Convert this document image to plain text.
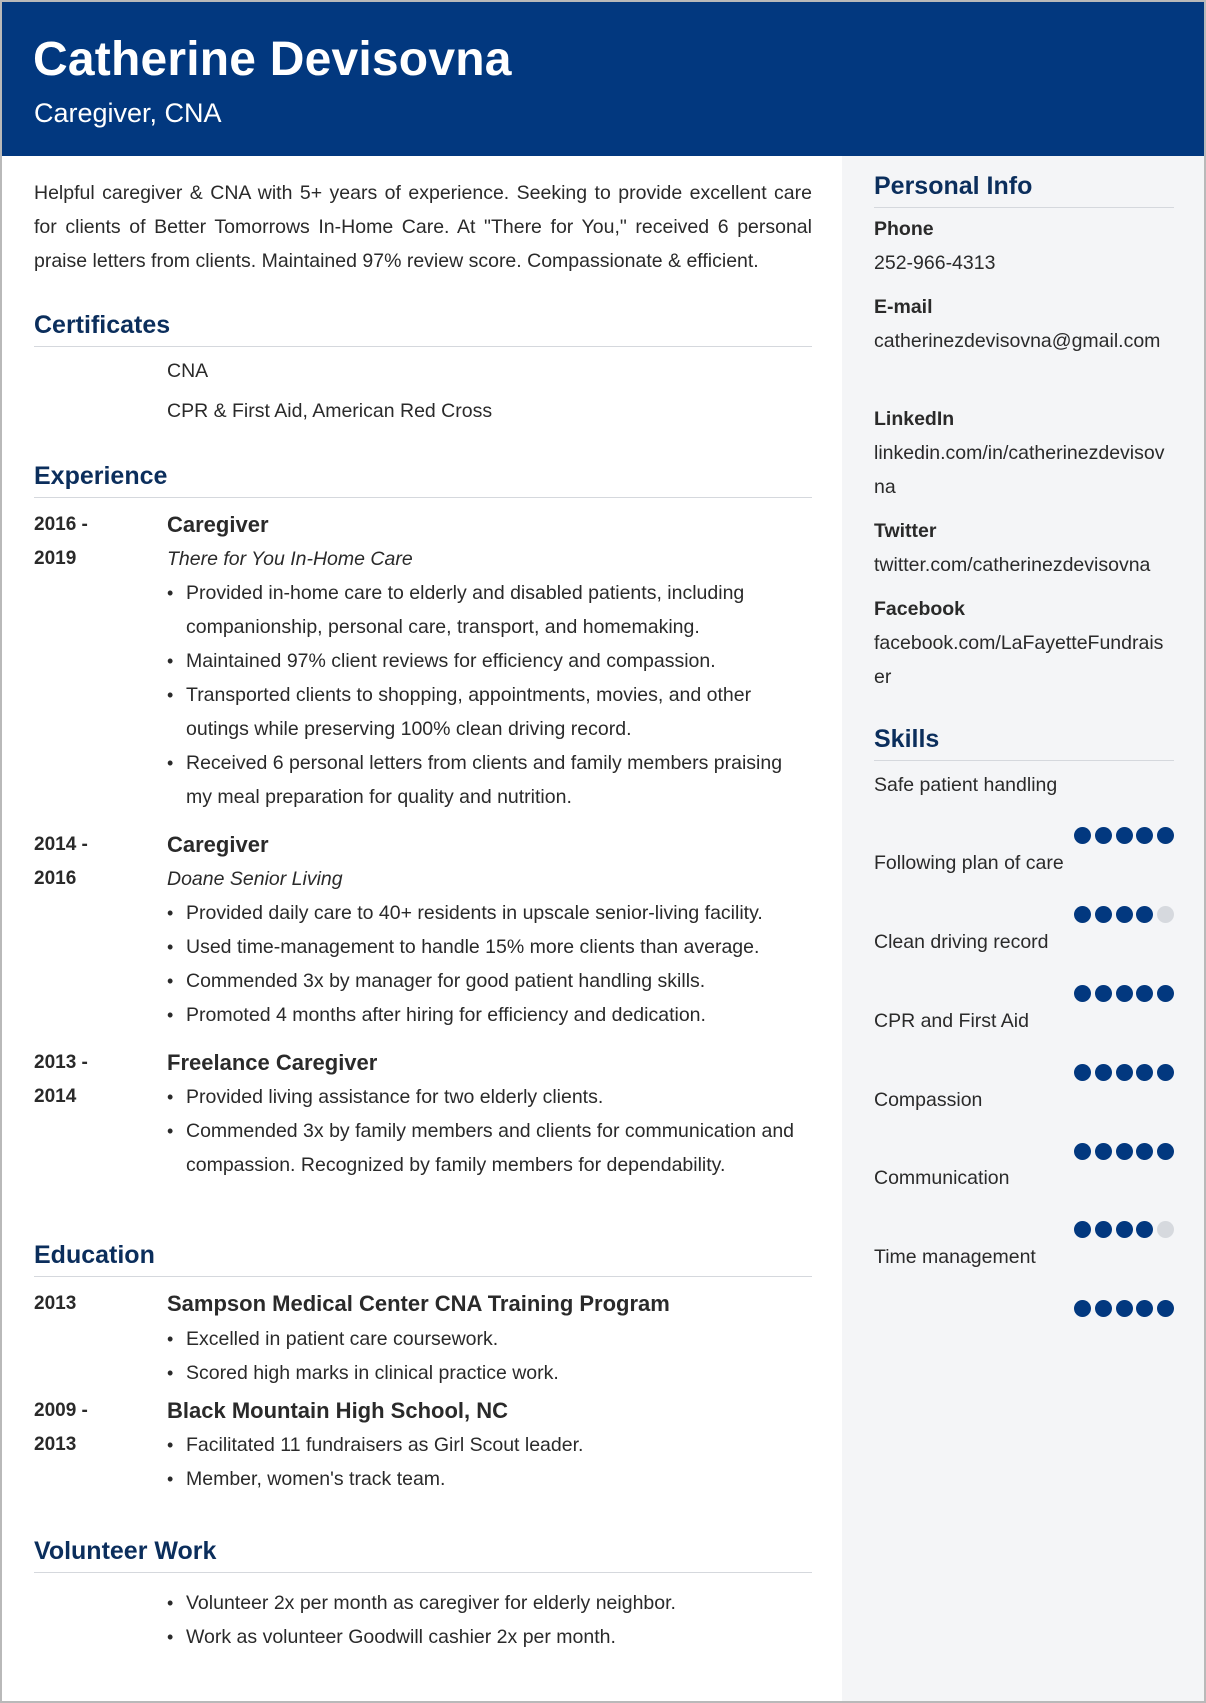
Catherine Devisovna
Caregiver, CNA

Helpful caregiver & CNA with 5+ years of experience. Seeking to provide excellent care for clients of Better Tomorrows In-Home Care. At "There for You," received 6 personal praise letters from clients. Maintained 97% review score. Compassionate & efficient.

Certificates
CNA
CPR & First Aid, American Red Cross
Experience
2016 -
2019
Caregiver
There for You In-Home Care
• Provided in-home care to elderly and disabled patients, including companionship, personal care, transport, and homemaking.
• Maintained 97% client reviews for efficiency and compassion.
• Transported clients to shopping, appointments, movies, and other outings while preserving 100% clean driving record.
• Received 6 personal letters from clients and family members praising my meal preparation for quality and nutrition.
2014 -
2016
Caregiver
Doane Senior Living
• Provided daily care to 40+ residents in upscale senior-living facility.
• Used time-management to handle 15% more clients than average.
• Commended 3x by manager for good patient handling skills.
• Promoted 4 months after hiring for efficiency and dedication.
2013 -
2014
Freelance Caregiver
• Provided living assistance for two elderly clients.
• Commended 3x by family members and clients for communication and compassion. Recognized by family members for dependability.
Education
2013	Sampson Medical Center CNA Training Program
• Excelled in patient care coursework.
• Scored high marks in clinical practice work.
2009 -
2013
Black Mountain High School, NC
• Facilitated 11 fundraisers as Girl Scout leader.
• Member, women's track team.
Volunteer Work
• Volunteer 2x per month as caregiver for elderly neighbor.
• Work as volunteer Goodwill cashier 2x per month.
Personal Info
Phone
252-966-4313
E-mail
catherinezdevisovna@gmail.com
LinkedIn
linkedin.com/in/catherinezdevisovna
Twitter
twitter.com/catherinezdevisovna
Facebook
facebook.com/LaFayetteFundraiser
Skills
Safe patient handling
Following plan of care
Clean driving record
CPR and First Aid
Compassion
Communication
Time management
